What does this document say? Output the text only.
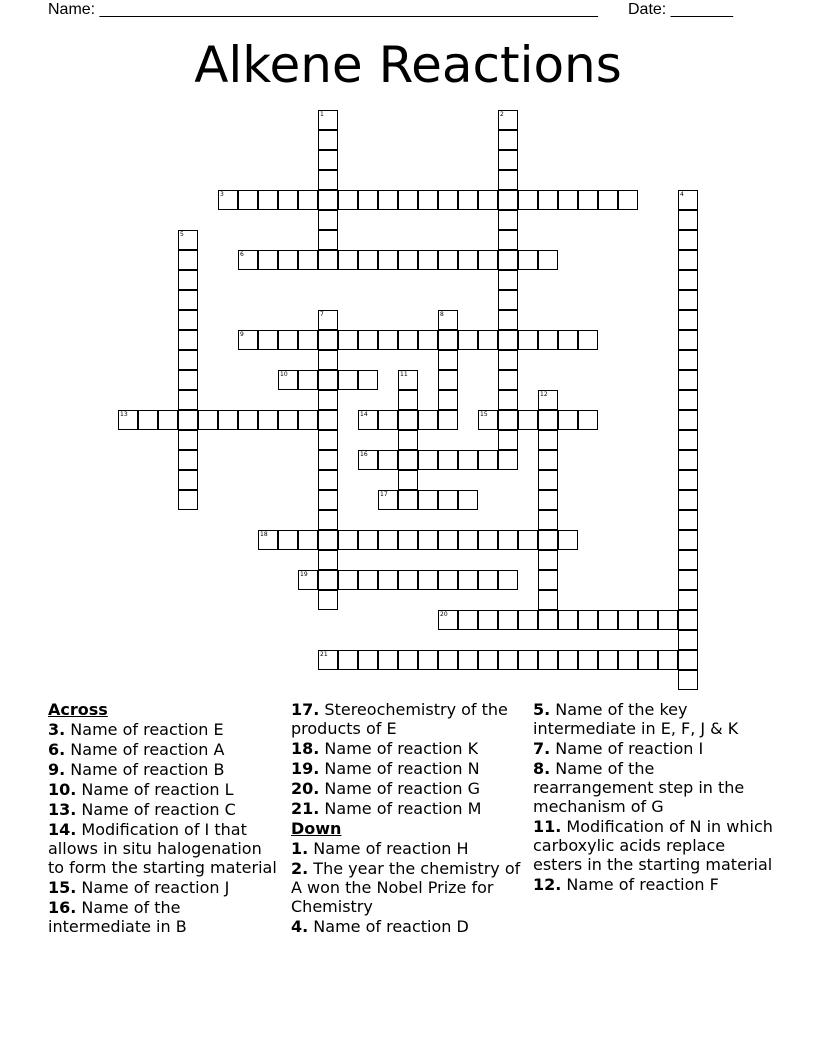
Name: ________________________________________________________ Date: _______
Alkene Reactions
1	2
3	4
5
6
7	8
9
10	11
12
13	14	15
16
17
18
19
20
21
Across
3. Name of reaction E
6. Name of reaction A
9. Name of reaction B
10. Name of reaction L
13. Name of reaction C
14. Modification of I that allows in situ halogenation to form the starting material
15. Name of reaction J
16. Name of the intermediate in B
17. Stereochemistry of the products of E
18. Name of reaction K
19. Name of reaction N
20. Name of reaction G
21. Name of reaction M
Down
1. Name of reaction H
2. The year the chemistry of A won the Nobel Prize for Chemistry
4. Name of reaction D
5. Name of the key intermediate in E, F, J & K
7. Name of reaction I
8. Name of the rearrangement step in the mechanism of G
11. Modification of N in which carboxylic acids replace esters in the starting material
12. Name of reaction F
